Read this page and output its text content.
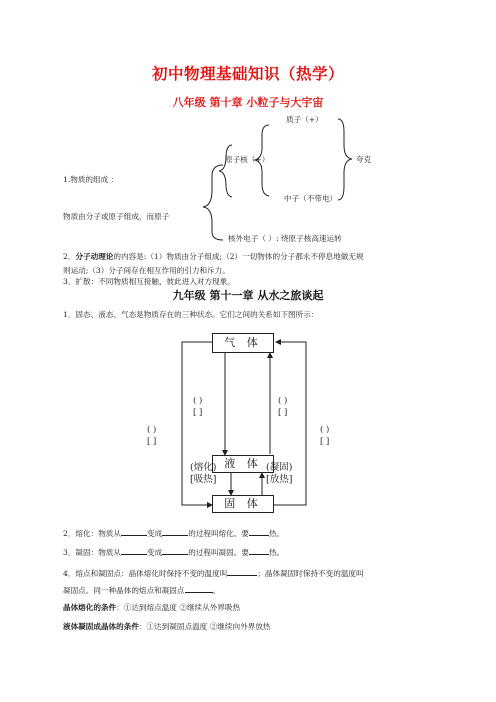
初中物理基础知识（热学）
八年级 第十章 小粒子与大宇宙
质子（+）
原子核（+）	夸克
1.物质的组成 ：
中子（不带电）
物质由分子或原子组成，而原子
核外电子（ ）: 绕原子核高速运转
2．分子动理论的内容是:（1）物质由分子组成;（2）一切物体的分子都永不停息地做无规
则运动;（3）分子间存在相互作用的引力和斥力。
3．扩散：不同物质相互接触，彼此进入对方现象。
九年级 第十一章 从水之旅谈起
1．固态、液态、气态是物质存在的三种状态。它们之间的关系如下图所示：
气 体
液 体
固 体
( )
[ ]
( )
[ ]
( )
[ ]
( )
[ ]
(熔化)
[吸热]
(凝固)
[放热]
2．熔化：物质从	变成	的过程叫熔化。要	热。
3．凝固：物质从	变成	的过程叫凝固。要	热。
4．熔点和凝固点：晶体熔化时保持不变的温度叫	；晶体凝固时保持不变的温度叫
凝固点。同一种晶体的熔点和凝固点	。
晶体熔化的条件：①达到熔点温度 ②继续从外界吸热
液体凝固成晶体的条件：①达到凝固点温度 ②继续向外界放热
